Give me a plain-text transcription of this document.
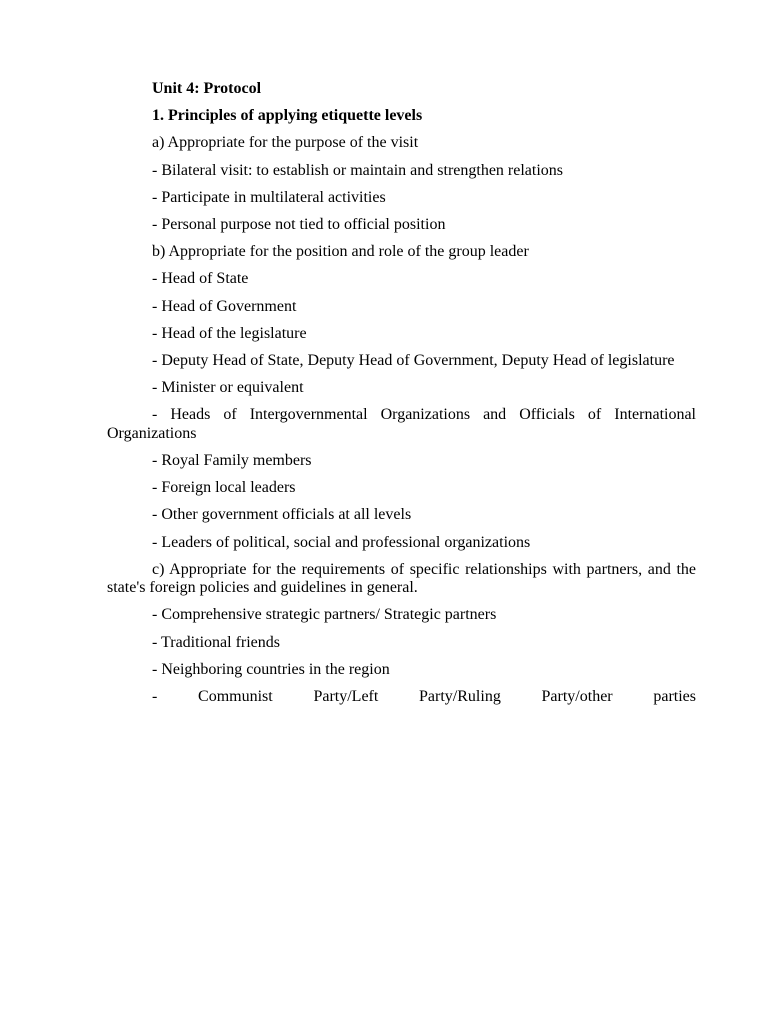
Unit 4: Protocol

1. Principles of applying etiquette levels

a) Appropriate for the purpose of the visit

- Bilateral visit: to establish or maintain and strengthen relations

- Participate in multilateral activities

- Personal purpose not tied to official position

b) Appropriate for the position and role of the group leader

- Head of State

- Head of Government

- Head of the legislature

- Deputy Head of State, Deputy Head of Government, Deputy Head of legislature

- Minister or equivalent

- Heads of Intergovernmental Organizations and Officials of International Organizations

- Royal Family members

- Foreign local leaders

- Other government officials at all levels

- Leaders of political, social and professional organizations

c) Appropriate for the requirements of specific relationships with partners, and the state's foreign policies and guidelines in general.

- Comprehensive strategic partners/ Strategic partners

- Traditional friends

- Neighboring countries in the region

- Communist Party/Left Party/Ruling Party/other parties
